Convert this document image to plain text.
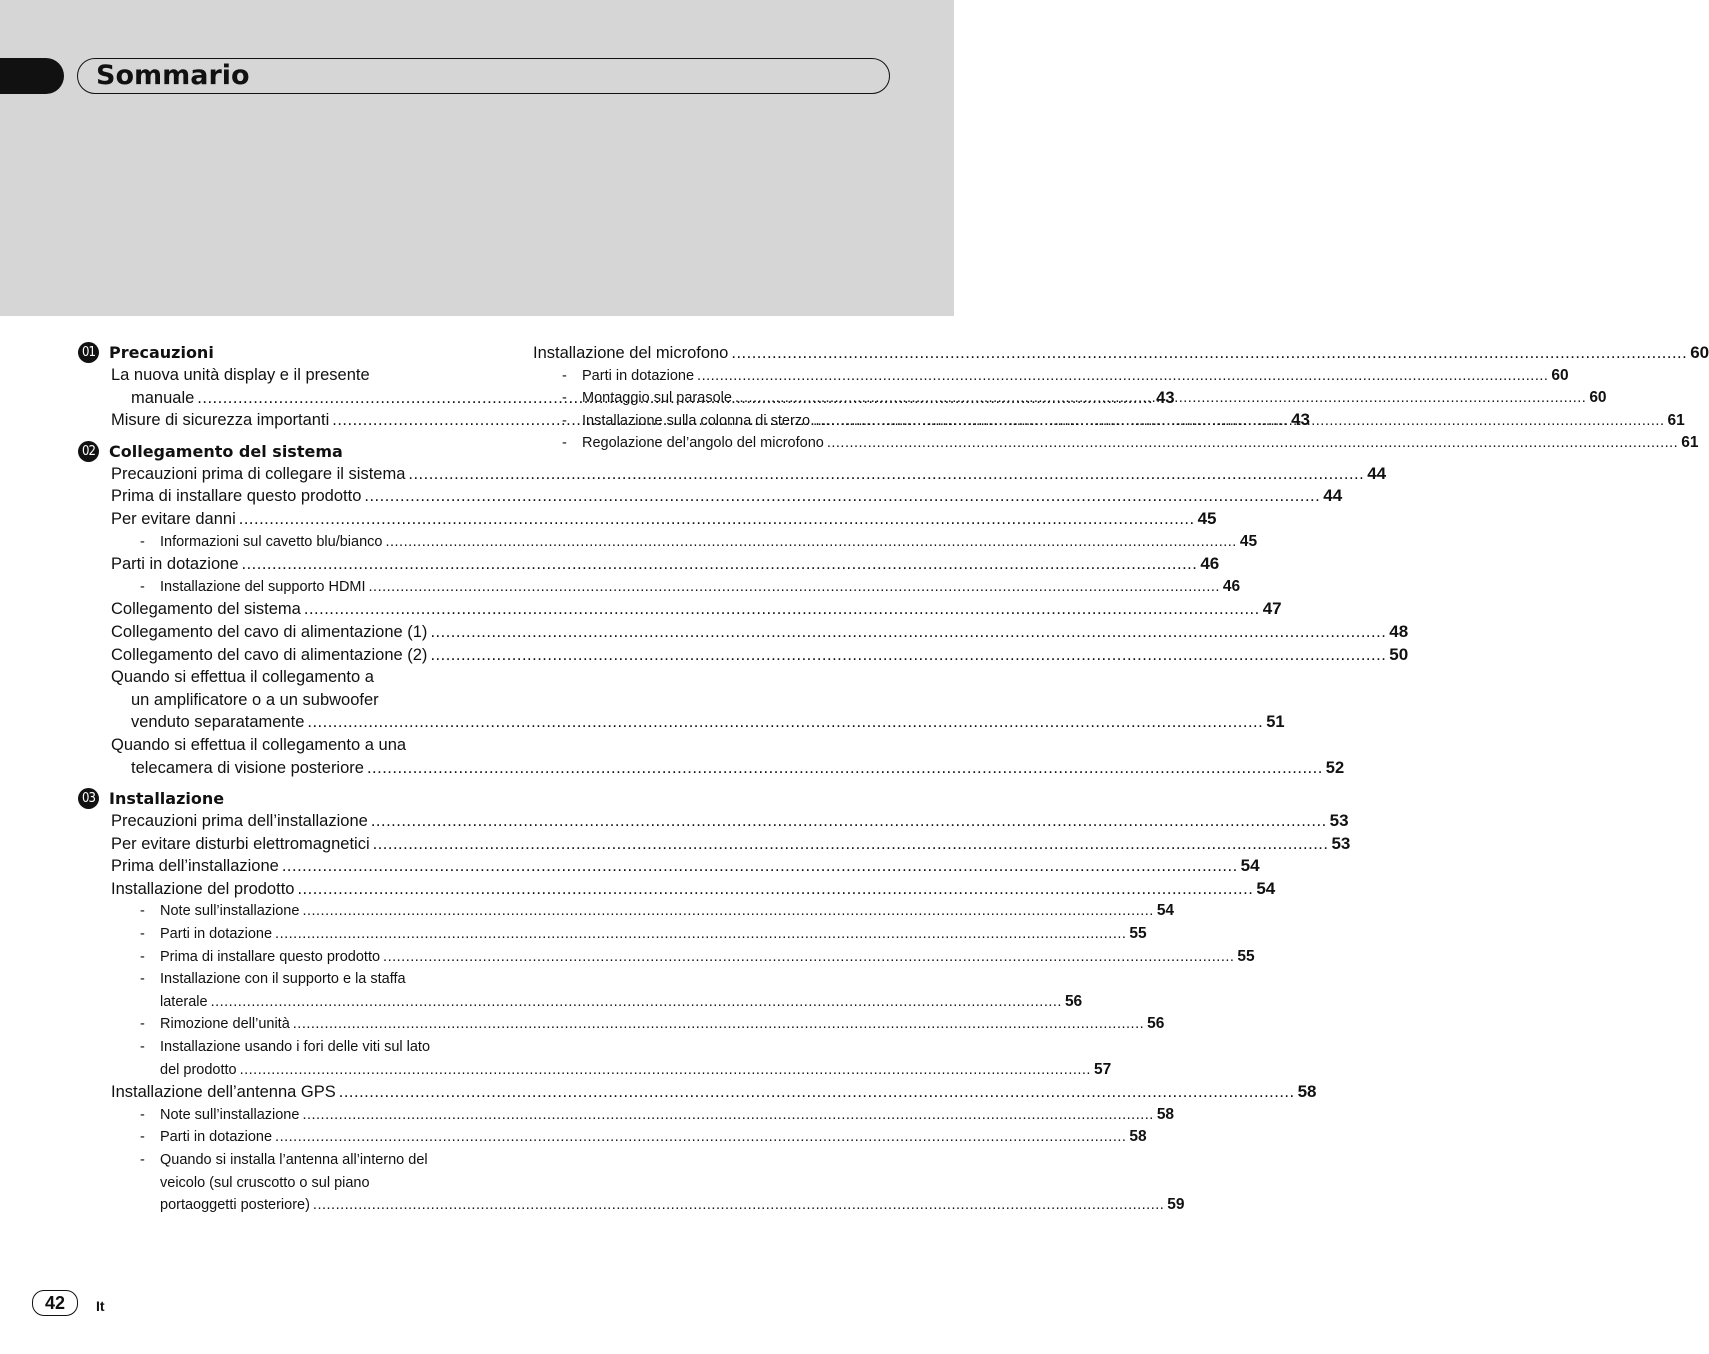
Sommario
01 Precauzioni
La nuova unità display e il presente
manuale .....	43
Misure di sicurezza importanti .....	43
02 Collegamento del sistema
Precauzioni prima di collegare il sistema .....	44
Prima di installare questo prodotto .....	44
Per evitare danni .....	45
- Informazioni sul cavetto blu/bianco .....	45
Parti in dotazione .....	46
- Installazione del supporto HDMI .....	46
Collegamento del sistema .....	47
Collegamento del cavo di alimentazione (1) .....	48
Collegamento del cavo di alimentazione (2) .....	50
Quando si effettua il collegamento a
un amplificatore o a un subwoofer
venduto separatamente .....	51
Quando si effettua il collegamento a una
telecamera di visione posteriore .....	52
03 Installazione
Precauzioni prima dell’installazione .....	53
Per evitare disturbi elettromagnetici .....	53
Prima dell’installazione .....	54
Installazione del prodotto .....	54
- Note sull’installazione .....	54
- Parti in dotazione .....	55
- Prima di installare questo prodotto .....	55
- Installazione con il supporto e la staffa
laterale .....	56
- Rimozione dell’unità .....	56
- Installazione usando i fori delle viti sul lato
del prodotto .....	57
Installazione dell’antenna GPS .....	58
- Note sull’installazione .....	58
- Parti in dotazione .....	58
- Quando si installa l’antenna all’interno del
veicolo (sul cruscotto o sul piano
portaoggetti posteriore) .....	59
Installazione del microfono .....	60
- Parti in dotazione .....	60
- Montaggio sul parasole .....	60
- Installazione sulla colonna di sterzo .....	61
- Regolazione del’angolo del microfono .....	61
42	It
